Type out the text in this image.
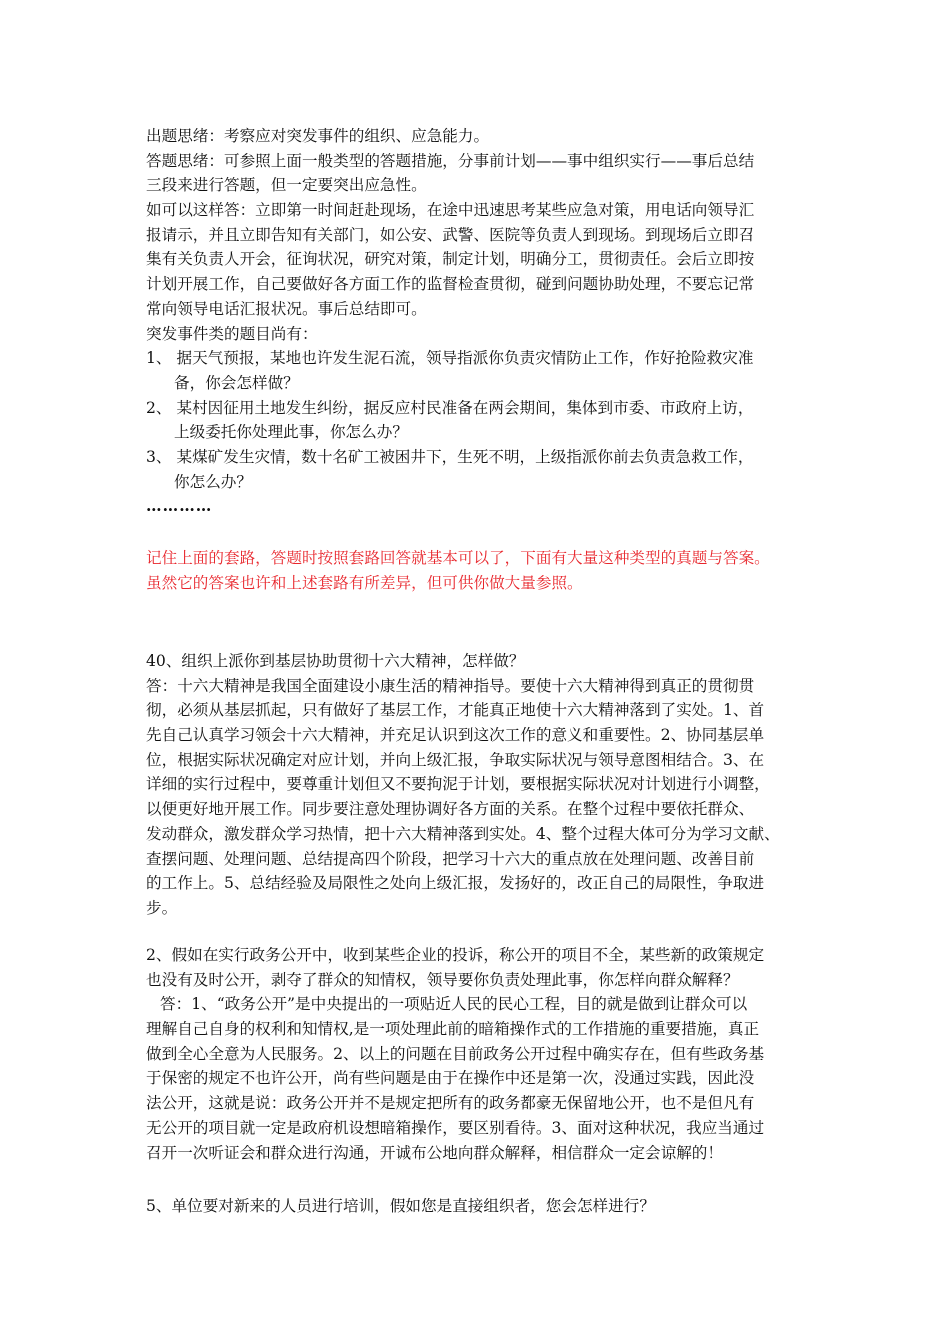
出题思绪：考察应对突发事件的组织、应急能力。
答题思绪：可参照上面一般类型的答题措施，分事前计划——事中组织实行——事后总结
三段来进行答题，但一定要突出应急性。
如可以这样答：立即第一时间赶赴现场，在途中迅速思考某些应急对策，用电话向领导汇
报请示，并且立即告知有关部门，如公安、武警、医院等负责人到现场。到现场后立即召
集有关负责人开会，征询状况，研究对策，制定计划，明确分工，贯彻责任。会后立即按
计划开展工作，自己要做好各方面工作的监督检查贯彻，碰到问题协助处理，不要忘记常
常向领导电话汇报状况。事后总结即可。
突发事件类的题目尚有：
1、 据天气预报，某地也许发生泥石流，领导指派你负责灾情防止工作，作好抢险救灾准
备，你会怎样做？
2、 某村因征用土地发生纠纷，据反应村民准备在两会期间，集体到市委、市政府上访，
上级委托你处理此事，你怎么办？
3、 某煤矿发生灾情，数十名矿工被困井下，生死不明，上级指派你前去负责急救工作，
你怎么办？
…………
记住上面的套路，答题时按照套路回答就基本可以了，下面有大量这种类型的真题与答案。
虽然它的答案也许和上述套路有所差异，但可供你做大量参照。
40、组织上派你到基层协助贯彻十六大精神，怎样做？
答：十六大精神是我国全面建设小康生活的精神指导。要使十六大精神得到真正的贯彻贯
彻，必须从基层抓起，只有做好了基层工作，才能真正地使十六大精神落到了实处。1、首
先自己认真学习领会十六大精神，并充足认识到这次工作的意义和重要性。2、协同基层单
位，根据实际状况确定对应计划，并向上级汇报，争取实际状况与领导意图相结合。3、在
详细的实行过程中，要尊重计划但又不要拘泥于计划，要根据实际状况对计划进行小调整，
以便更好地开展工作。同步要注意处理协调好各方面的关系。在整个过程中要依托群众、
发动群众，激发群众学习热情，把十六大精神落到实处。4、整个过程大体可分为学习文献、
查摆问题、处理问题、总结提高四个阶段，把学习十六大的重点放在处理问题、改善目前
的工作上。5、总结经验及局限性之处向上级汇报，发扬好的，改正自己的局限性，争取进
步。
2、假如在实行政务公开中，收到某些企业的投诉，称公开的项目不全，某些新的政策规定
也没有及时公开，剥夺了群众的知情权，领导要你负责处理此事，你怎样向群众解释？
答：1、“政务公开”是中央提出的一项贴近人民的民心工程，目的就是做到让群众可以
理解自己自身的权利和知情权,是一项处理此前的暗箱操作式的工作措施的重要措施，真正
做到全心全意为人民服务。2、以上的问题在目前政务公开过程中确实存在，但有些政务基
于保密的规定不也许公开，尚有些问题是由于在操作中还是第一次，没通过实践，因此没
法公开，这就是说：政务公开并不是规定把所有的政务都豪无保留地公开，也不是但凡有
无公开的项目就一定是政府机设想暗箱操作，要区别看待。3、面对这种状况，我应当通过
召开一次听证会和群众进行沟通，开诚布公地向群众解释，相信群众一定会谅解的！
5、单位要对新来的人员进行培训，假如您是直接组织者，您会怎样进行？
